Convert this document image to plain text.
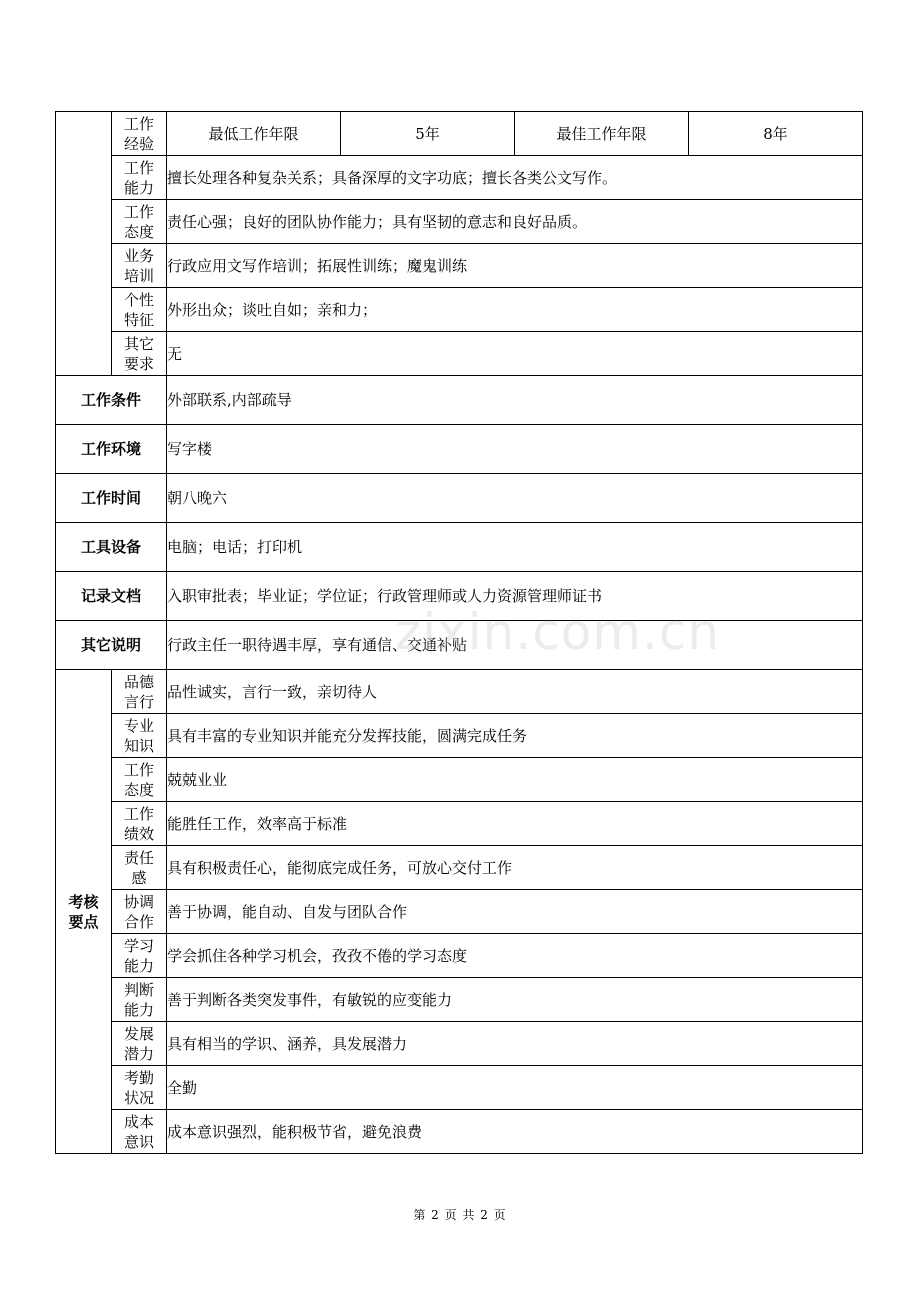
	工作经验	最低工作年限	5年	最佳工作年限	8年
	工作能力	擅长处理各种复杂关系；具备深厚的文字功底；擅长各类公文写作。			
	工作态度	责任心强；良好的团队协作能力；具有坚韧的意志和良好品质。			
	业务培训	行政应用文写作培训；拓展性训练；魔鬼训练			
	个性特征	外形出众；谈吐自如；亲和力；			
	其它要求	无			
工作条件		外部联系,内部疏导			
工作环境		写字楼			
工作时间		朝八晚六			
工具设备		电脑；电话；打印机			
记录文档		入职审批表；毕业证；学位证；行政管理师或人力资源管理师证书			
其它说明		行政主任一职待遇丰厚，享有通信、交通补贴			
考核要点	品德言行	品性诚实，言行一致，亲切待人			
	专业知识	具有丰富的专业知识并能充分发挥技能，圆满完成任务			
	工作态度	兢兢业业			
	工作绩效	能胜任工作，效率高于标准			
	责任感	具有积极责任心，能彻底完成任务，可放心交付工作			
	协调合作	善于协调，能自动、自发与团队合作			
	学习能力	学会抓住各种学习机会，孜孜不倦的学习态度			
	判断能力	善于判断各类突发事件，有敏锐的应变能力			
	发展潜力	具有相当的学识、涵养，具发展潜力			
	考勤状况	全勤			
	成本意识	成本意识强烈，能积极节省，避免浪费			
zixin.com.cn
第 2 页 共 2 页
